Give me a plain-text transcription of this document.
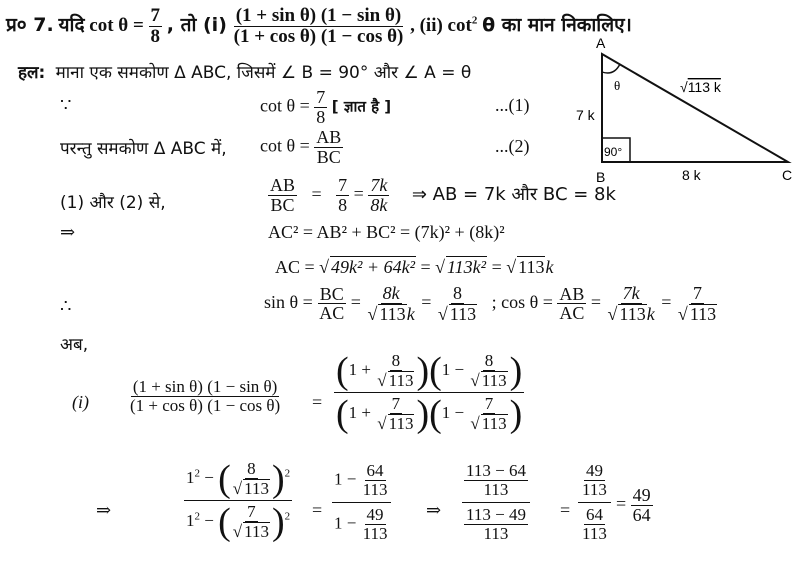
प्र० 7. यदि $\cot \theta = \frac{7}{8}$ , तो $(i) \frac{\text{(1 + sin θ) (1 − sin θ)}}{\text{(1 + cos θ) (1 − cos θ)}}$ , (ii) $\cot^2 \theta$ का मान निकालिए।
हल: माना एक समकोण Δ ABC, जिसमें ∠ B = 90° और ∠ A = θ
∵	$\cot \theta = \frac{7}{8}$ [ ज्ञात है ]	...(1)
परन्तु समकोण Δ ABC में, $\cot \theta = \frac{AB}{BC}$	...(2)
(1) और (2) से,	$\frac{AB}{BC} = \frac{7}{8} = \frac{7k}{8k}$ ⇒ AB = 7k और BC = 8k
⇒	AC² = AB² + BC² = (7k)² + (8k)²
AC = √ 49k² + 64k² = √ 113k² = √ 113k
∴	$\sin \theta = \frac{BC}{AC} = 8k$
√ 113k = 8
√ 113 ; $\cos \theta = \frac{AB}{AC} = 7k$
√ 113k = 7
√ 113
अब,
$(i) \frac{\text{(1 + sin θ) (1 − sin θ)}}{\text{(1 + cos θ) (1 − cos θ)}} = (1 + 8$
√ 113 )(1 − 8
√ 113 )
(1 + 7
√ 113 )(1 − 7
√ 113 )
⇒	$1^2$ − ( 8
√ 113 )$^2$
$1^2$ − ( 7
√ 113 )$^2 = \frac{1 - \frac{64}{113}}{1 - \frac{49}{113}}$ ⇒ $\frac{\frac{113 - 64}{113}}{\frac{113 - 49}{113}} = \frac{\frac{49}{113}}{\frac{64}{113}} = \frac{49}{64}$
A
B	C
θ
7 k
8 k
√113 k
90°
